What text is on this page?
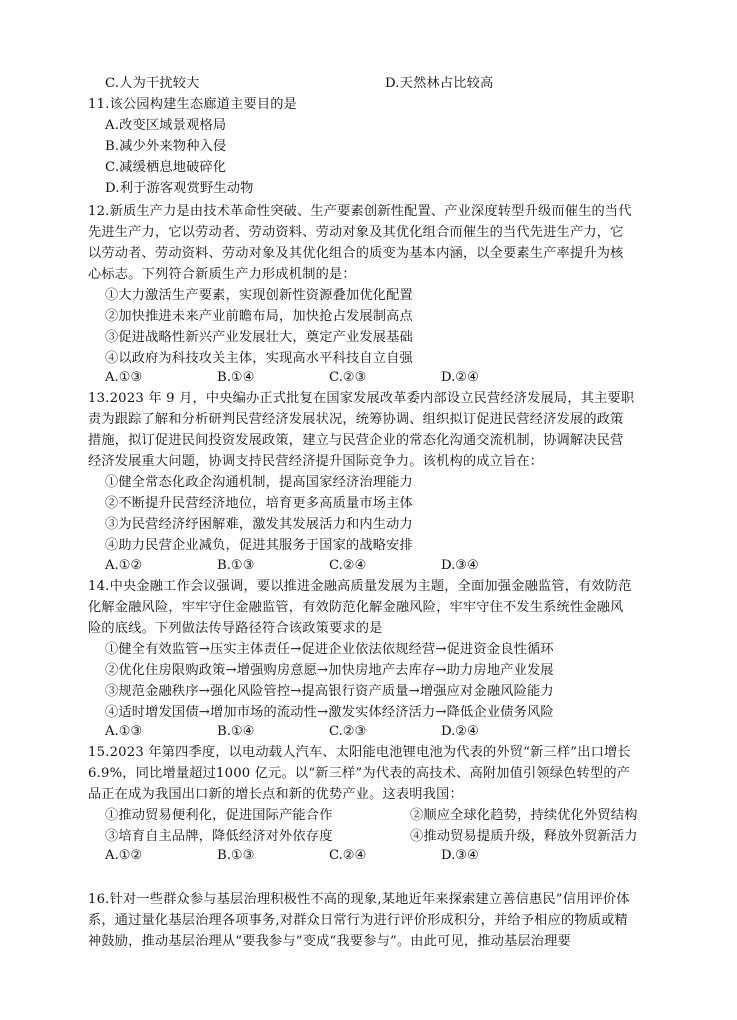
C.人为干扰较大	D.天然林占比较高
11.该公园构建生态廊道主要目的是
A.改变区域景观格局
B.减少外来物种入侵
C.减缓栖息地破碎化
D.利于游客观赏野生动物
12.新质生产力是由技术革命性突破、生产要素创新性配置、产业深度转型升级而催生的当代
先进生产力，它以劳动者、劳动资料、劳动对象及其优化组合而催生的当代先进生产力，它
以劳动者、劳动资料、劳动对象及其优化组合的质变为基本内涵，以全要素生产率提升为核
心标志。下列符合新质生产力形成机制的是：
①大力激活生产要素，实现创新性资源叠加优化配置
②加快推进未来产业前瞻布局，加快抢占发展制高点
③促进战略性新兴产业发展壮大，奠定产业发展基础
④以政府为科技攻关主体，实现高水平科技自立自强
A.①③	B.①④	C.②③	D.②④
13.2023 年 9 月，中央编办正式批复在国家发展改革委内部设立民营经济发展局，其主要职
责为跟踪了解和分析研判民营经济发展状况，统筹协调、组织拟订促进民营经济发展的政策
措施，拟订促进民间投资发展政策，建立与民营企业的常态化沟通交流机制，协调解决民营
经济发展重大问题，协调支持民营经济提升国际竞争力。该机构的成立旨在：
①健全常态化政企沟通机制，提高国家经济治理能力
②不断提升民营经济地位，培育更多高质量市场主体
③为民营经济纾困解难，激发其发展活力和内生动力
④助力民营企业减负，促进其服务于国家的战略安排
A.①②	B.①③	C.②④	D.③④
14.中央金融工作会议强调，要以推进金融高质量发展为主题，全面加强金融监管，有效防范
化解金融风险，牢牢守住金融监管，有效防范化解金融风险，牢牢守住不发生系统性金融风
险的底线。下列做法传导路径符合该政策要求的是
①健全有效监管→压实主体责任→促进企业依法依规经营→促进资金良性循环
②优化住房限购政策→增强购房意愿→加快房地产去库存→助力房地产业发展
③规范金融秩序→强化风险管控→提高银行资产质量→增强应对金融风险能力
④适时增发国债→增加市场的流动性→激发实体经济活力→降低企业债务风险
A.①③	B.①④	C.②③	D.②④
15.2023 年第四季度，以电动载人汽车、太阳能电池锂电池为代表的外贸“新三样”出口增长
6.9%，同比增量超过1000 亿元。以“新三样”为代表的高技术、高附加值引领绿色转型的产
品正在成为我国出口新的增长点和新的优势产业。这表明我国：
①推动贸易便利化，促进国际产能合作	②顺应全球化趋势，持续优化外贸结构
③培育自主品牌，降低经济对外依存度	④推动贸易提质升级，释放外贸新活力
A.①②	B.①③	C.②④	D.③④
16.针对一些群众参与基层治理积极性不高的现象,某地近年来探索建立善信惠民”信用评价体
系，通过量化基层治理各项事务,对群众日常行为进行评价形成积分，并给予相应的物质或精
神鼓励，推动基层治理从“要我参与”变成“我要参与”。由此可见，推动基层治理要
